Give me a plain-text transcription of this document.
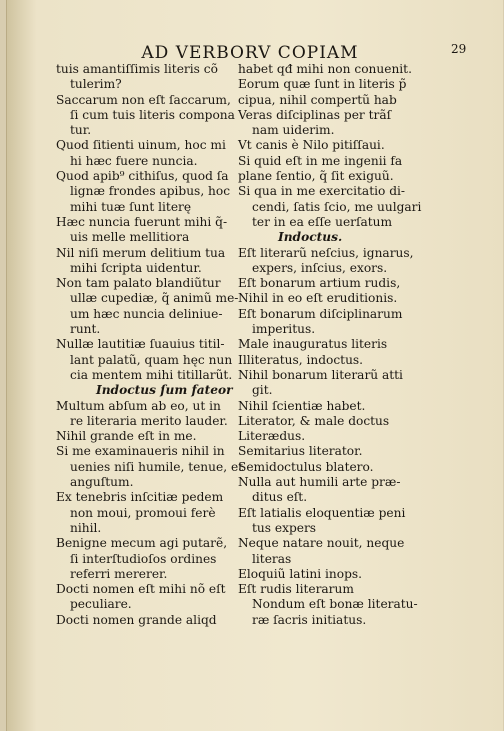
AD VERBORV COPIAM	29
tuis amantiſſimis literis cõ
tulerim?
Saccarum non eſt ſaccarum,
ſi cum tuis literis compona
tur.
Quod ſitienti uinum, hoc mi
hi hæc fuere nuncia.
Quod apib⁹ cithiſus, quod ſa
lignæ frondes apibus, hoc
mihi tuæ ſunt literę
Hæc nuncia fuerunt mihi q̃-
uis melle mellitiora
Nil niſi merum delitium tua
mihi ſcripta uidentur.
Non tam palato blandiũtur
ullæ cupediæ, q̃ animũ me-
um hæc nuncia deliniue-
runt.
Nullæ lautitiæ ſuauius titil-
lant palatũ, quam hęc nun
cia mentem mihi titillarũt.
Indoctus ſum fateor
Multum abſum ab eo, ut in
re literaria merito lauder.
Nihil grande eſt in me.
Si me examinaueris nihil in
uenies niſi humile, tenue, et
anguſtum.
Ex tenebris inſcitiæ pedem
non moui, promoui ferè
nihil.
Benigne mecum agi putarẽ,
ſi interſtudioſos ordines
referri mererer.
Docti nomen eſt mihi nõ eſt
peculiare.
Docti nomen grande aliqd
habet qđ mihi non conuenit.
Eorum quæ ſunt in literis p̃
cipua, nihil compertũ hab
Veras diſciplinas per trãſ
nam uiderim.
Vt canis è Nilo pitiſſaui.
Si quid eſt in me ingenii fa
plane ſentio, q̃ ſit exiguũ.
Si qua in me exercitatio di-
cendi, ſatis ſcio, me uulgari
ter in ea eſſe uerſatum
Indoctus.
Eſt literarũ neſcius, ignarus,
expers, inſcius, exors.
Eſt bonarum artium rudis,
Nihil in eo eſt eruditionis.
Eſt bonarum diſciplinarum
imperitus.
Male inauguratus literis
Illiteratus, indoctus.
Nihil bonarum literarũ atti
git.
Nihil ſcientiæ habet.
Literator, & male doctus
Literædus.
Semitarius literator.
Semidoctulus blatero.
Nulla aut humili arte præ-
ditus eſt.
Eſt latialis eloquentiæ peni
tus expers
Neque natare nouit, neque
literas
Eloquiũ latini inops.
Eſt rudis literarum
Nondum eſt bonæ literatu-
ræ ſacris initiatus.
